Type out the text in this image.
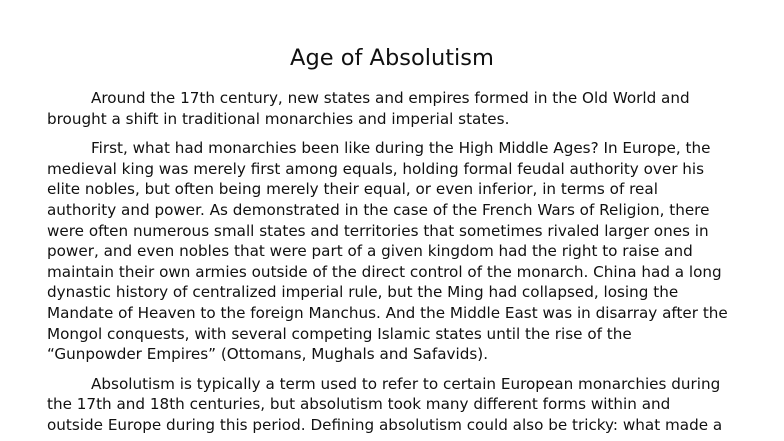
Age of Absolutism

Around the 17th century, new states and empires formed in the Old World and
brought a shift in traditional monarchies and imperial states.

First, what had monarchies been like during the High Middle Ages? In Europe, the
medieval king was merely first among equals, holding formal feudal authority over his
elite nobles, but often being merely their equal, or even inferior, in terms of real
authority and power. As demonstrated in the case of the French Wars of Religion, there
were often numerous small states and territories that sometimes rivaled larger ones in
power, and even nobles that were part of a given kingdom had the right to raise and
maintain their own armies outside of the direct control of the monarch. China had a long
dynastic history of centralized imperial rule, but the Ming had collapsed, losing the
Mandate of Heaven to the foreign Manchus. And the Middle East was in disarray after the
Mongol conquests, with several competing Islamic states until the rise of the
“Gunpowder Empires” (Ottomans, Mughals and Safavids).

Absolutism is typically a term used to refer to certain European monarchies during
the 17th and 18th centuries, but absolutism took many different forms within and
outside Europe during this period. Defining absolutism could also be tricky: what made a
